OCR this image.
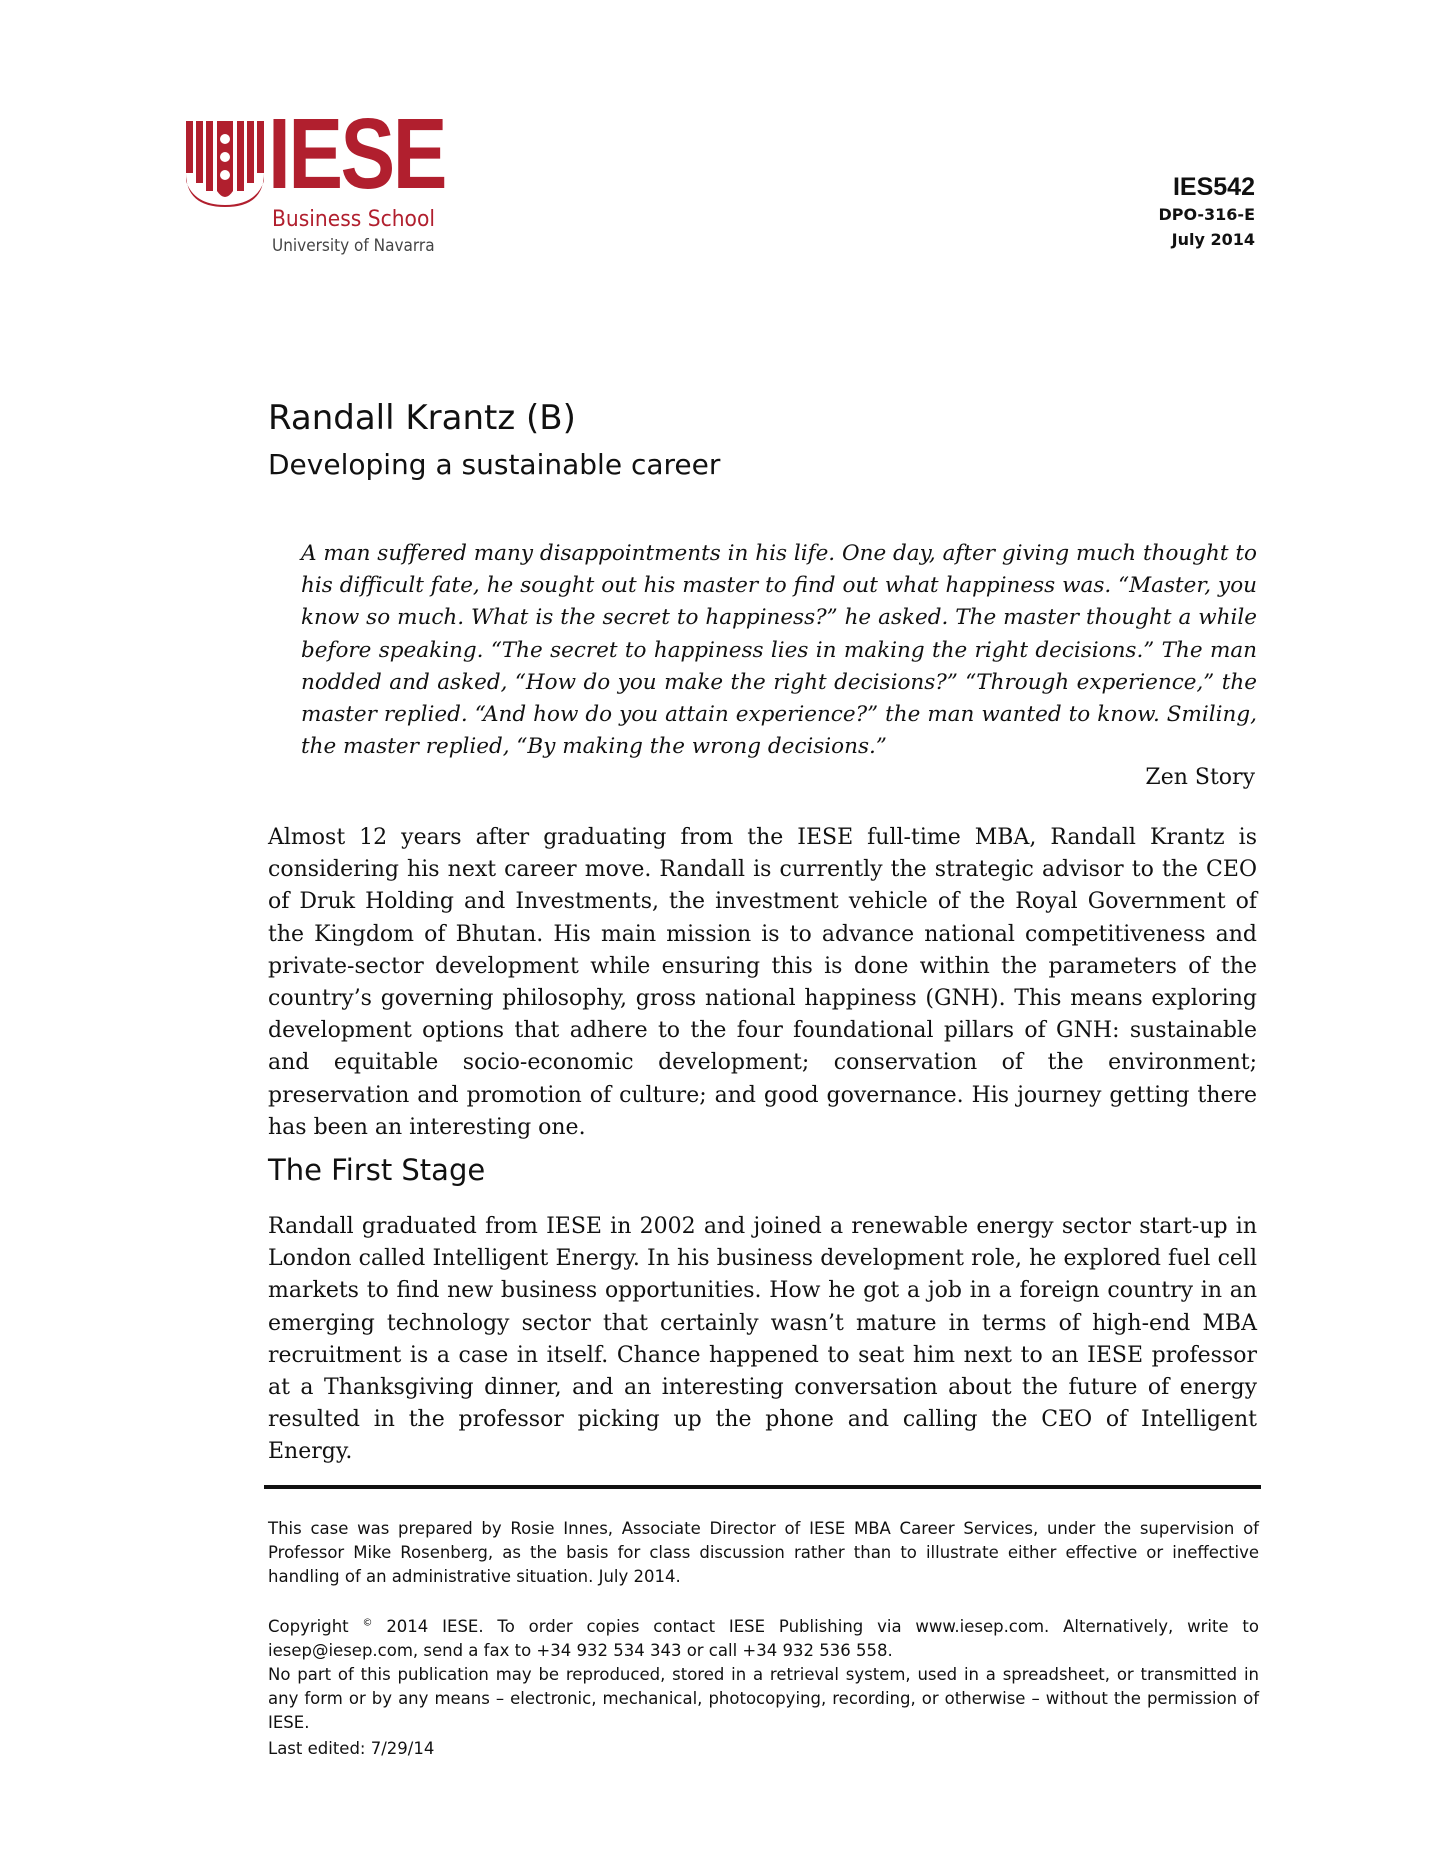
IESE
Business School
University of Navarra
IES542
DPO-316-E
July 2014
Randall Krantz (B)
Developing a sustainable career
A man suffered many disappointments in his life. One day, after giving much thought to his difficult fate, he sought out his master to find out what happiness was. “Master, you know so much. What is the secret to happiness?” he asked. The master thought a while before speaking. “The secret to happiness lies in making the right decisions.” The man nodded and asked, “How do you make the right decisions?” “Through experience,” the master replied. “And how do you attain experience?” the man wanted to know. Smiling, the master replied, “By making the wrong decisions.”
Zen Story
Almost 12 years after graduating from the IESE full-time MBA, Randall Krantz is considering his next career move. Randall is currently the strategic advisor to the CEO of Druk Holding and Investments, the investment vehicle of the Royal Government of the Kingdom of Bhutan. His main mission is to advance national competitiveness and private-sector development while ensuring this is done within the parameters of the country’s governing philosophy, gross national happiness (GNH). This means exploring development options that adhere to the four foundational pillars of GNH: sustainable and equitable socio-economic development; conservation of the environment; preservation and promotion of culture; and good governance. His journey getting there has been an interesting one.
The First Stage
Randall graduated from IESE in 2002 and joined a renewable energy sector start-up in London called Intelligent Energy. In his business development role, he explored fuel cell markets to find new business opportunities. How he got a job in a foreign country in an emerging technology sector that certainly wasn’t mature in terms of high-end MBA recruitment is a case in itself. Chance happened to seat him next to an IESE professor at a Thanksgiving dinner, and an interesting conversation about the future of energy resulted in the professor picking up the phone and calling the CEO of Intelligent Energy.
This case was prepared by Rosie Innes, Associate Director of IESE MBA Career Services, under the supervision of Professor Mike Rosenberg, as the basis for class discussion rather than to illustrate either effective or ineffective handling of an administrative situation. July 2014.
Copyright © 2014 IESE. To order copies contact IESE Publishing via www.iesep.com. Alternatively, write to iesep@iesep.com, send a fax to +34 932 534 343 or call +34 932 536 558.
No part of this publication may be reproduced, stored in a retrieval system, used in a spreadsheet, or transmitted in any form or by any means – electronic, mechanical, photocopying, recording, or otherwise – without the permission of IESE.
Last edited: 7/29/14
